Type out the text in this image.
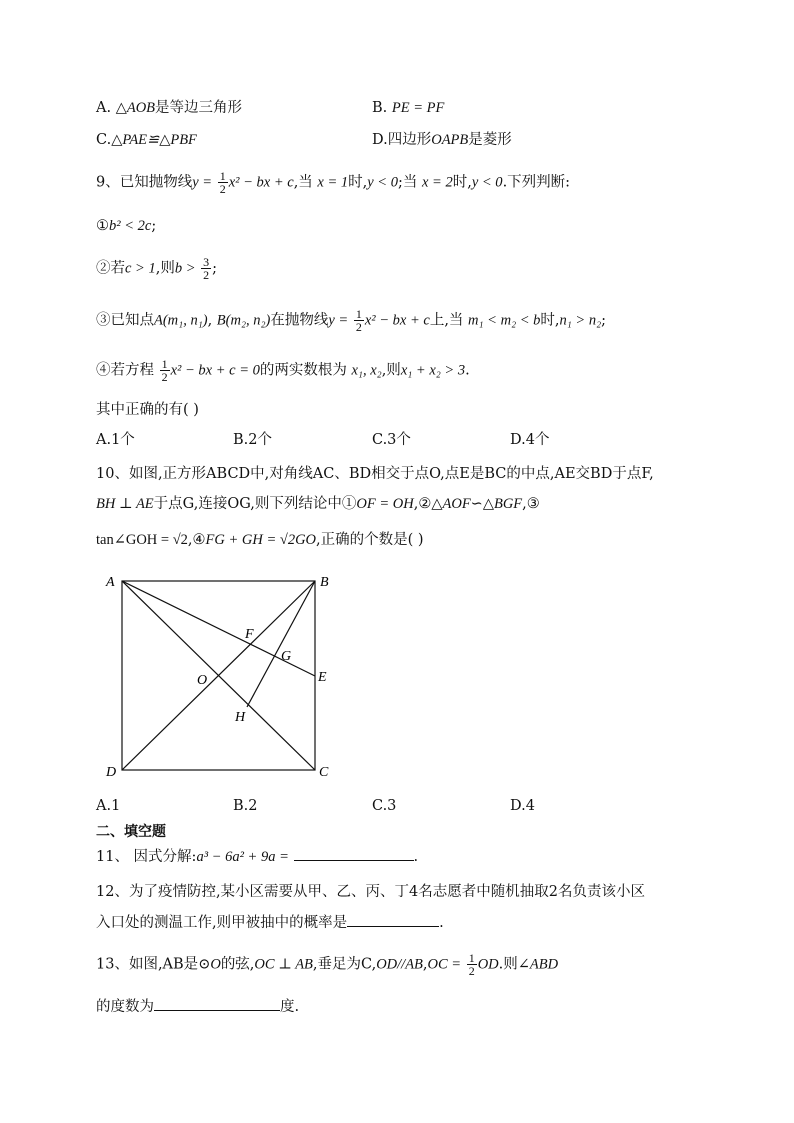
A. △AOB是等边三角形	B. PE = PF
C.△PAE≌△PBF	D.四边形OAPB是菱形
9、已知抛物线$y = \frac{1}{2} x^2$ − bx + c,当 x = 1时,y < 0;当 x = 2时,y < 0.下列判断:
①b² < 2c;
②若c > 1,则$b > \frac{3}{2}$ ;
③已知点A(m₁, n₁), B(m₂, n₂)在抛物线$y = \frac{1}{2} x^2$ − bx + c上,当 m₁ < m₂ < b时,n₁ > n₂;
④若方程 $\frac{1}{2} x^2$ − bx + c = 0的两实数根为 x₁, x₂,则x₁ + x₂ > 3.
其中正确的有( )
A.1个	B.2个	C.3个	D.4个
10、如图,正方形ABCD中,对角线AC、BD相交于点O,点E是BC的中点,AE交BD于点F,
BH ⊥ AE于点G,连接OG,则下列结论中①OF = OH,②△AOF∽△BGF,③
tan∠GOH = √2,④FG + GH = √2GO,正确的个数是( )
A	B
C
D
O	E
F
G
H
A.1	B.2	C.3	D.4
二、填空题
11、 因式分解:a³ − 6a² + 9a =	.
12、为了疫情防控,某小区需要从甲、乙、丙、丁4名志愿者中随机抽取2名负责该小区
入口处的测温工作,则甲被抽中的概率是	.
13、如图,AB是⊙O的弦,OC ⊥ AB,垂足为$C,OD//AB,OC = \frac{1}{2}$ OD.则∠ABD
的度数为	度.
